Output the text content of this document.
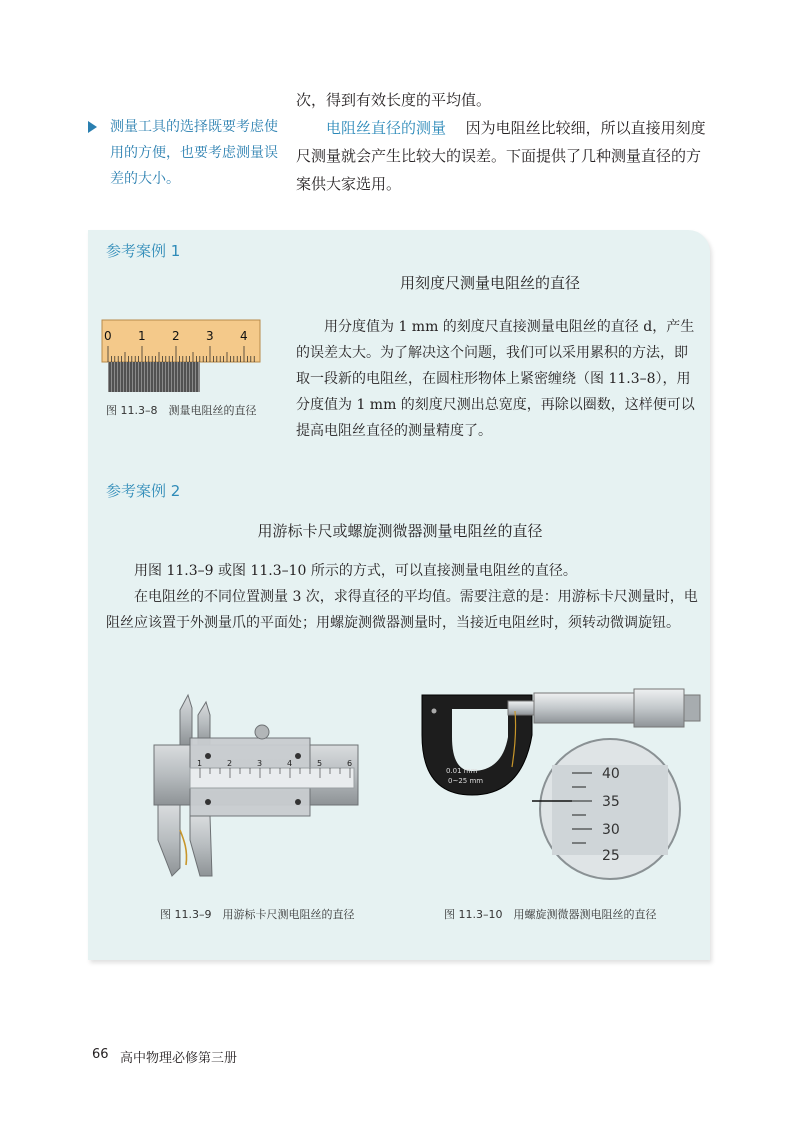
测量工具的选择既要考虑使用的方便，也要考虑测量误差的大小。
次，得到有效长度的平均值。
电阻丝直径的测量 因为电阻丝比较细，所以直接用刻度尺测量就会产生比较大的误差。下面提供了几种测量直径的方案供大家选用。
参考案例 1
用刻度尺测量电阻丝的直径
0 1 2 3 4
图 11.3–8　测量电阻丝的直径
用分度值为 1 mm 的刻度尺直接测量电阻丝的直径 d，产生的误差太大。为了解决这个问题，我们可以采用累积的方法，即取一段新的电阻丝，在圆柱形物体上紧密缠绕（图 11.3–8），用分度值为 1 mm 的刻度尺测出总宽度，再除以圈数，这样便可以提高电阻丝直径的测量精度了。
参考案例 2
用游标卡尺或螺旋测微器测量电阻丝的直径
用图 11.3–9 或图 11.3–10 所示的方式，可以直接测量电阻丝的直径。
在电阻丝的不同位置测量 3 次，求得直径的平均值。需要注意的是：用游标卡尺测量时，电阻丝应该置于外测量爪的平面处；用螺旋测微器测量时，当接近电阻丝时，须转动微调旋钮。
1	2	3	4	5	6
图 11.3–9　用游标卡尺测电阻丝的直径
0.01 mm
0~25 mm	40
35
30
25
图 11.3–10　用螺旋测微器测电阻丝的直径
66 高中物理必修第三册
